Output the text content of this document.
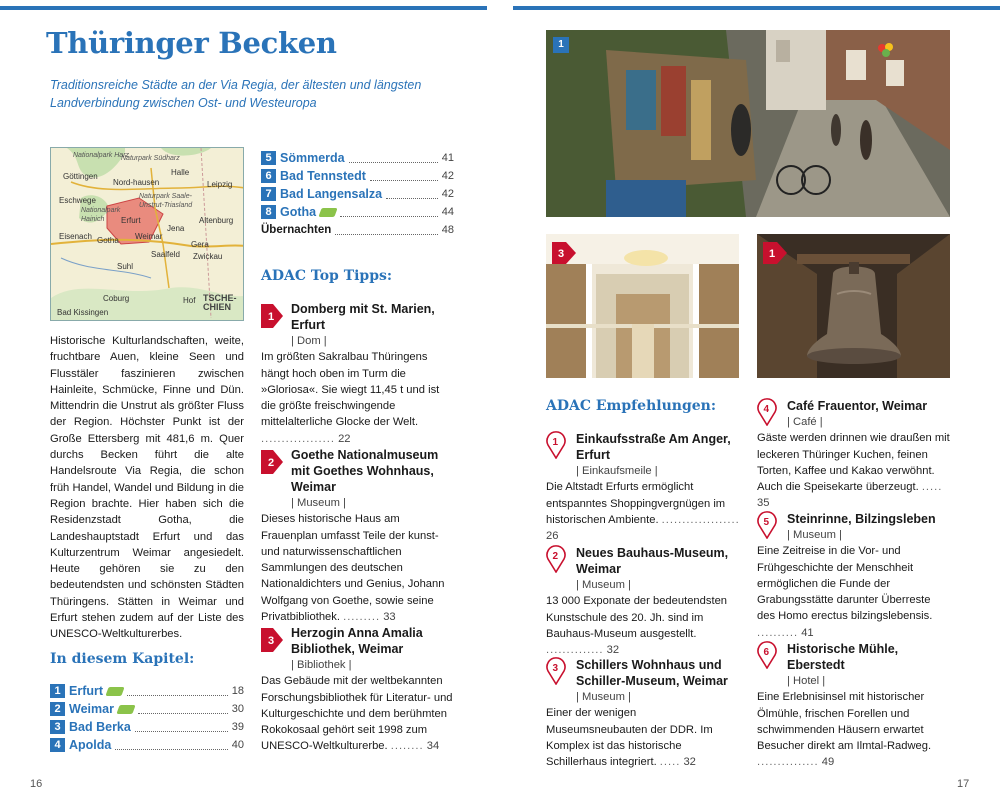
Thüringer Becken
Traditionsreiche Städte an der Via Regia, der ältesten und längsten Landverbindung zwischen Ost- und Westeuropa
Nationalpark Harz
Naturpark Südharz
Göttingen	Halle
Nord-hausen
Naturpark Saale-Unstrut-Triasland
Leipzig
Eschwege
Nationalpark Hainich	Erfurt	Altenburg
Eisenach Gotha Weimar
Jena
Gera
Zwickau
Saalfeld
Suhl
Coburg	Hof TSCHE-CHIEN
Bad Kissingen
Historische Kulturlandschaften, weite, fruchtbare Auen, kleine Seen und Flusstäler faszinieren zwischen Hainleite, Schmücke, Finne und Dün. Mittendrin die Unstrut als größter Fluss der Region. Höchster Punkt ist der Große Ettersberg mit 481,6 m. Quer durchs Becken führt die alte Handelsroute Via Regia, die schon früh Handel, Wandel und Bildung in die Region brachte. Hier haben sich die Residenzstadt Gotha, die Landeshauptstadt Erfurt und das Kulturzentrum Weimar angesiedelt. Heute gehören sie zu den bedeutendsten und schönsten Städten Thüringens. Stätten in Weimar und Erfurt stehen zudem auf der Liste des UNESCO-Weltkulturerbes.
In diesem Kapitel:
1 Erfurt	18
2 Weimar	30
3 Bad Berka	39
4 Apolda	40
5 Sömmerda	41
6 Bad Tennstedt	42
7 Bad Langensalza	42
8 Gotha	44
Übernachten	48
ADAC Top Tipps:
1
Domberg mit St. Marien, Erfurt
| Dom |
Im größten Sakralbau Thüringens hängt hoch oben im Turm die »Gloriosa«. Sie wiegt 11,45 t und ist die größte freischwingende mittelalterliche Glocke der Welt. .................. 22
2
Goethe Nationalmuseum mit Goethes Wohnhaus, Weimar
| Museum |
Dieses historische Haus am Frauenplan umfasst Teile der kunst- und naturwissenschaftlichen Sammlungen des deutschen Nationaldichters und Genius, Johann Wolfgang von Goethe, sowie seine Privatbibliothek. ......... 33
3
Herzogin Anna Amalia Bibliothek, Weimar
| Bibliothek |
Das Gebäude mit der weltbekannten Forschungsbibliothek für Literatur- und Kulturgeschichte und dem berühmten Rokokosaal gehört seit 1998 zum UNESCO-Weltkulturerbe. ........ 34
1
3	1
ADAC Empfehlungen:
1	Einkaufsstraße Am Anger, Erfurt
| Einkaufsmeile |
Die Altstadt Erfurts ermöglicht entspanntes Shoppingvergnügen im historischen Ambiente. ................... 26
2	Neues Bauhaus-Museum, Weimar
| Museum |
13 000 Exponate der bedeutendsten Kunstschule des 20. Jh. sind im Bauhaus-Museum ausgestellt. .............. 32
3	Schillers Wohnhaus und Schiller-Museum, Weimar
| Museum |
Einer der wenigen Museumsneubauten der DDR. Im Komplex ist das historische Schillerhaus integriert. ..... 32
4	Café Frauentor, Weimar
| Café |
Gäste werden drinnen wie draußen mit leckeren Thüringer Kuchen, feinen Torten, Kaffee und Kakao verwöhnt. Auch die Speisekarte überzeugt. ..... 35
5	Steinrinne, Bilzingsleben
| Museum |
Eine Zeitreise in die Vor- und Frühgeschichte der Menschheit ermöglichen die Funde der Grabungsstätte darunter Überreste des Homo erectus bilzingslebensis. .......... 41
6	Historische Mühle, Eberstedt
| Hotel |
Eine Erlebnisinsel mit historischer Ölmühle, frischen Forellen und schwimmenden Häusern erwartet Besucher direkt am Ilmtal-Radweg. ............... 49
16	17
